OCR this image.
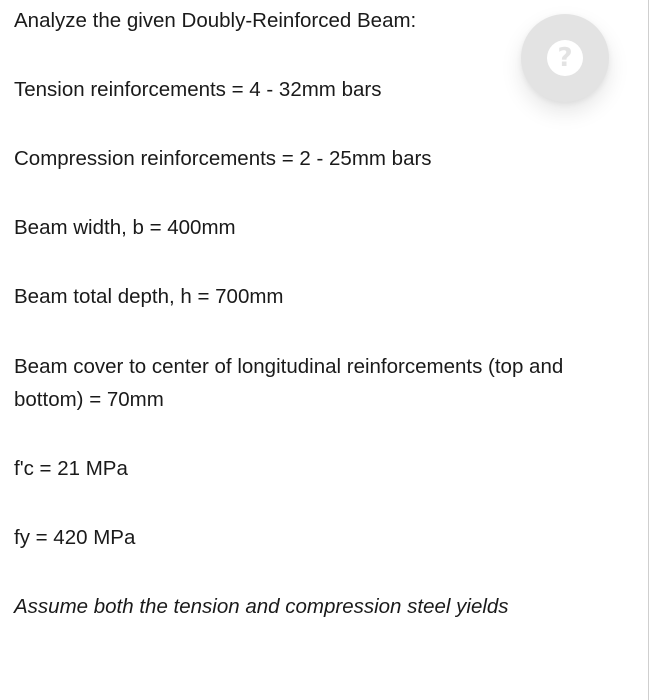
Analyze the given Doubly-Reinforced Beam:
Tension reinforcements = 4 - 32mm bars
Compression reinforcements = 2 - 25mm bars
Beam width, b = 400mm
Beam total depth, h = 700mm
Beam cover to center of longitudinal reinforcements (top and bottom) = 70mm
f'c = 21 MPa
fy = 420 MPa
Assume both the tension and compression steel yields
?
